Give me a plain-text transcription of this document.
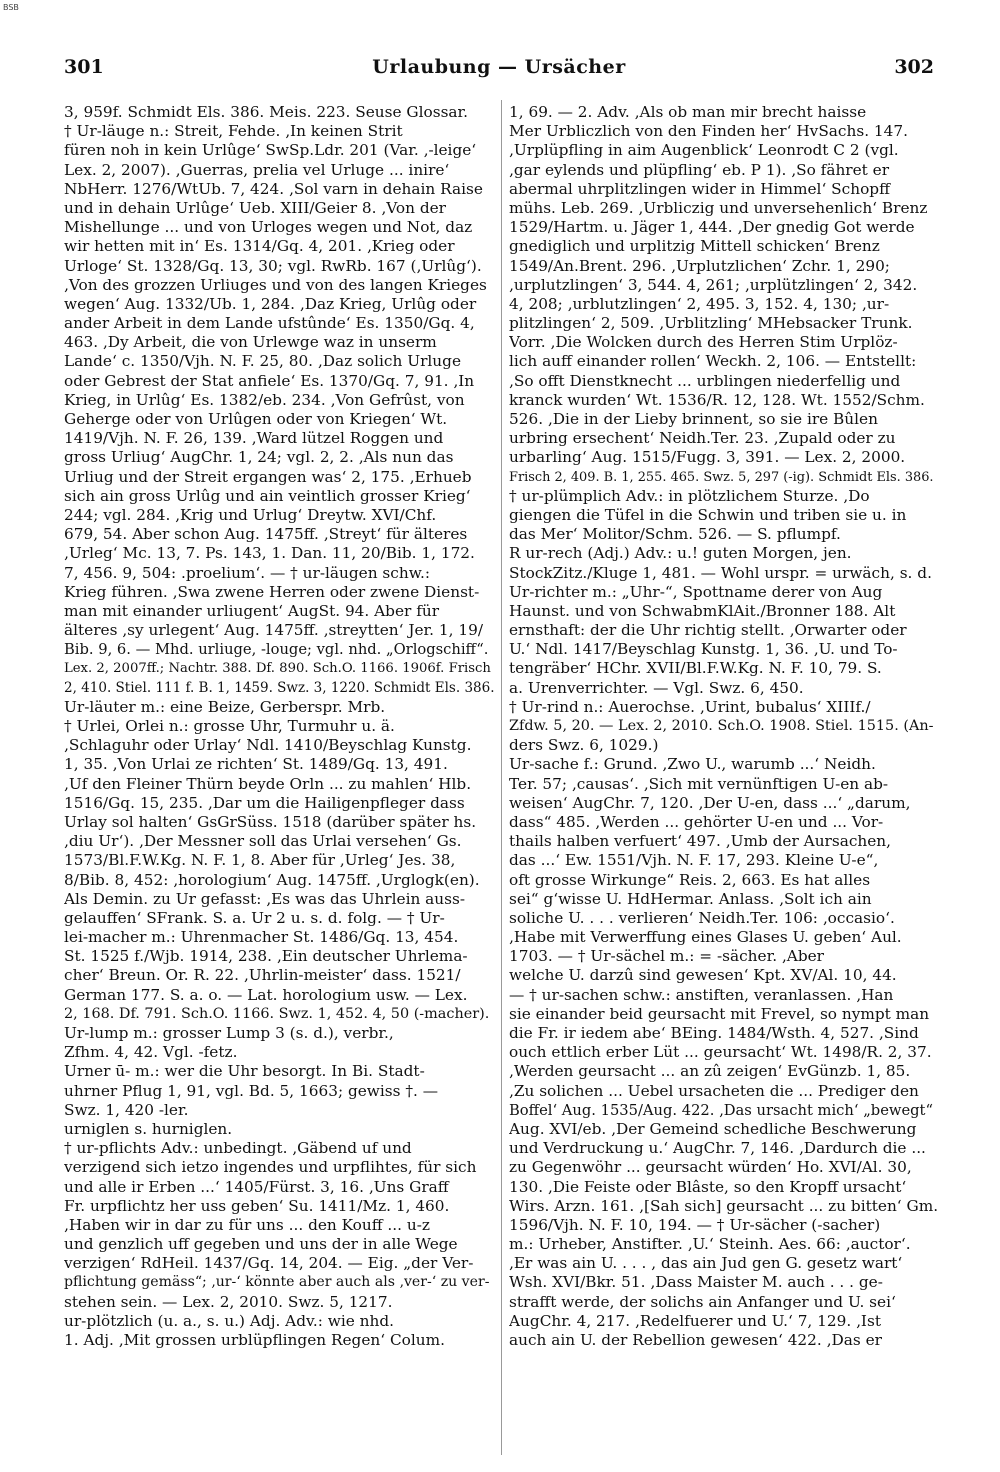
BSB
301	Urlaubung — Ursächer	302
3, 959f. Schmidt Els. 386. Meis. 223. Seuse Glossar.
† Ur-läuge n.: Streit, Fehde. ‚In keinen Strit
füren noh in kein Urlûge‘ SwSp.Ldr. 201 (Var. ‚-leige‘
Lex. 2, 2007). ‚Guerras, prelia vel Urluge ... inire‘
NbHerr. 1276/WtUb. 7, 424. ‚Sol varn in dehain Raise
und in dehain Urlûge‘ Ueb. XIII/Geier 8. ‚Von der
Mishellunge ... und von Urloges wegen und Not, daz
wir hetten mit in‘ Es. 1314/Gq. 4, 201. ‚Krieg oder
Urloge‘ St. 1328/Gq. 13, 30; vgl. RwRb. 167 (‚Urlûg‘).
‚Von des grozzen Urliuges und von des langen Krieges
wegen‘ Aug. 1332/Ub. 1, 284. ‚Daz Krieg, Urlûg oder
ander Arbeit in dem Lande ufstûnde‘ Es. 1350/Gq. 4,
463. ‚Dy Arbeit, die von Urlewge waz in unserm
Lande‘ c. 1350/Vjh. N. F. 25, 80. ‚Daz solich Urluge
oder Gebrest der Stat anfiele‘ Es. 1370/Gq. 7, 91. ‚In
Krieg, in Urlûg‘ Es. 1382/eb. 234. ‚Von Gefrûst, von
Geherge oder von Urlûgen oder von Kriegen‘ Wt.
1419/Vjh. N. F. 26, 139. ‚Ward lützel Roggen und
gross Urliug‘ AugChr. 1, 24; vgl. 2, 2. ‚Als nun das
Urliug und der Streit ergangen was‘ 2, 175. ‚Erhueb
sich ain gross Urlûg und ain veintlich grosser Krieg‘
244; vgl. 284. ‚Krig und Urlug‘ Dreytw. XVI/Chf.
679, 54. Aber schon Aug. 1475ff. ‚Streyt‘ für älteres
‚Urleg‘ Mc. 13, 7. Ps. 143, 1. Dan. 11, 20/Bib. 1, 172.
7, 456. 9, 504: .proelium‘. — † ur-läugen schw.:
Krieg führen. ‚Swa zwene Herren oder zwene Dienst-
man mit einander urliugent‘ AugSt. 94. Aber für
älteres ‚sy urlegent‘ Aug. 1475ff. ‚streytten‘ Jer. 1, 19/
Bib. 9, 6. — Mhd. urliuge, -louge; vgl. nhd. „Orlogschiff“.
Lex. 2, 2007ff.; Nachtr. 388. Df. 890. Sch.O. 1166. 1906f. Frisch
2, 410. Stiel. 111 f. B. 1, 1459. Swz. 3, 1220. Schmidt Els. 386.
Ur-läuter m.: eine Beize, Gerberspr. Mrb.
† Urlei, Orlei n.: grosse Uhr, Turmuhr u. ä.
‚Schlaguhr oder Urlay‘ Ndl. 1410/Beyschlag Kunstg.
1, 35. ‚Von Urlai ze richten‘ St. 1489/Gq. 13, 491.
‚Uf den Fleiner Thürn beyde Orln ... zu mahlen‘ Hlb.
1516/Gq. 15, 235. ‚Dar um die Hailigenpfleger dass
Urlay sol halten‘ GsGrSüss. 1518 (darüber später hs.
‚diu Ur‘). ‚Der Messner soll das Urlai versehen‘ Gs.
1573/Bl.F.W.Kg. N. F. 1, 8. Aber für ‚Urleg‘ Jes. 38,
8/Bib. 8, 452: ‚horologium‘ Aug. 1475ff. ‚Urglogk(en).
Als Demin. zu Ur gefasst: ‚Es was das Uhrlein auss-
gelauffen‘ SFrank. S. a. Ur 2 u. s. d. folg. — † Ur-
lei-macher m.: Uhrenmacher St. 1486/Gq. 13, 454.
St. 1525 f./Wjb. 1914, 238. ‚Ein deutscher Uhrlema-
cher‘ Breun. Or. R. 22. ‚Uhrlin-meister‘ dass. 1521/
German 177. S. a. o. — Lat. horologium usw. — Lex.
2, 168. Df. 791. Sch.O. 1166. Swz. 1, 452. 4, 50 (-macher).
Ur-lump m.: grosser Lump 3 (s. d.), verbr.,
Zfhm. 4, 42. Vgl. -fetz.
Urner ū- m.: wer die Uhr besorgt. In Bi. Stadt-
uhrner Pflug 1, 91, vgl. Bd. 5, 1663; gewiss †. —
Swz. 1, 420 -ler.
urniglen s. hurniglen.
† ur-pflichts Adv.: unbedingt. ‚Gäbend uf und
verzigend sich ietzo ingendes und urpflihtes, für sich
und alle ir Erben ...‘ 1405/Fürst. 3, 16. ‚Uns Graff
Fr. urpflichtz her uss geben‘ Su. 1411/Mz. 1, 460.
‚Haben wir in dar zu für uns ... den Kouff ... u-z
und genzlich uff gegeben und uns der in alle Wege
verzigen‘ RdHeil. 1437/Gq. 14, 204. — Eig. „der Ver-
pflichtung gemäss“; ‚ur-‘ könnte aber auch als ‚ver-‘ zu ver-
stehen sein. — Lex. 2, 2010. Swz. 5, 1217.
ur-plötzlich (u. a., s. u.) Adj. Adv.: wie nhd.
1. Adj. ‚Mit grossen urblüpflingen Regen‘ Colum.
1, 69. — 2. Adv. ‚Als ob man mir brecht haisse
Mer Urbliczlich von den Finden her‘ HvSachs. 147.
‚Urplüpfling in aim Augenblick‘ Leonrodt C 2 (vgl.
‚gar eylends und plüpfling‘ eb. P 1). ‚So fähret er
abermal uhrplitzlingen wider in Himmel‘ Schopff
mühs. Leb. 269. ‚Urbliczig und unversehenlich‘ Brenz
1529/Hartm. u. Jäger 1, 444. ‚Der gnedig Got werde
gnediglich und urplitzig Mittell schicken‘ Brenz
1549/An.Brent. 296. ‚Urplutzlichen‘ Zchr. 1, 290;
‚urplutzlingen‘ 3, 544. 4, 261; ‚urplützlingen‘ 2, 342.
4, 208; ‚urblutzlingen‘ 2, 495. 3, 152. 4, 130; ‚ur-
plitzlingen‘ 2, 509. ‚Urblitzling‘ MHebsacker Trunk.
Vorr. ‚Die Wolcken durch des Herren Stim Urplöz-
lich auff einander rollen‘ Weckh. 2, 106. — Entstellt:
‚So offt Dienstknecht ... urblingen niederfellig und
kranck wurden‘ Wt. 1536/R. 12, 128. Wt. 1552/Schm.
526. ‚Die in der Lieby brinnent, so sie ire Bûlen
urbring ersechent‘ Neidh.Ter. 23. ‚Zupald oder zu
urbarling‘ Aug. 1515/Fugg. 3, 391. — Lex. 2, 2000.
Frisch 2, 409. B. 1, 255. 465. Swz. 5, 297 (-ig). Schmidt Els. 386.
† ur-plümplich Adv.: in plötzlichem Sturze. ‚Do
giengen die Tüfel in die Schwin und triben sie u. in
das Mer‘ Molitor/Schm. 526. — S. pflumpf.
R ur-rech (Adj.) Adv.: u.! guten Morgen, jen.
StockZitz./Kluge 1, 481. — Wohl urspr. = urwäch, s. d.
Ur-richter m.: „Uhr-“, Spottname derer von Aug
Haunst. und von SchwabmKlAit./Bronner 188. Alt
ernsthaft: der die Uhr richtig stellt. ‚Orwarter oder
U.‘ Ndl. 1417/Beyschlag Kunstg. 1, 36. ‚U. und To-
tengräber‘ HChr. XVII/Bl.F.W.Kg. N. F. 10, 79. S.
a. Urenverrichter. — Vgl. Swz. 6, 450.
† Ur-rind n.: Auerochse. ‚Urint, bubalus‘ XIIIf./
Zfdw. 5, 20. — Lex. 2, 2010. Sch.O. 1908. Stiel. 1515. (An-
ders Swz. 6, 1029.)
Ur-sache f.: Grund. ‚Zwo U., warumb ...‘ Neidh.
Ter. 57; ‚causas‘. ‚Sich mit vernünftigen U-en ab-
weisen‘ AugChr. 7, 120. ‚Der U-en, dass ...‘ „darum,
dass“ 485. ‚Werden ... gehörter U-en und ... Vor-
thails halben verfuert‘ 497. ‚Umb der Aursachen,
das ...‘ Ew. 1551/Vjh. N. F. 17, 293. Kleine U-e“,
oft grosse Wirkunge“ Reis. 2, 663. Es hat alles
sei“ g‘wisse U. HdHermar. Anlass. ‚Solt ich ain
soliche U. . . . verlieren‘ Neidh.Ter. 106: ‚occasio‘.
‚Habe mit Verwerffung eines Glases U. geben‘ Aul.
1703. — † Ur-sächel m.: = -sächer. ‚Aber
welche U. darzû sind gewesen‘ Kpt. XV/Al. 10, 44.
— † ur-sachen schw.: anstiften, veranlassen. ‚Han
sie einander beid geursacht mit Frevel, so nympt man
die Fr. ir iedem abe‘ BEing. 1484/Wsth. 4, 527. ‚Sind
ouch ettlich erber Lüt ... geursacht‘ Wt. 1498/R. 2, 37.
‚Werden geursacht ... an zû zeigen‘ EvGünzb. 1, 85.
‚Zu solichen ... Uebel ursacheten die ... Prediger den
Boffel‘ Aug. 1535/Aug. 422. ‚Das ursacht mich‘ „bewegt“
Aug. XVI/eb. ‚Der Gemeind schedliche Beschwerung
und Verdruckung u.‘ AugChr. 7, 146. ‚Dardurch die ...
zu Gegenwöhr ... geursacht würden‘ Ho. XVI/Al. 30,
130. ‚Die Feiste oder Blâste, so den Kropff ursacht‘
Wirs. Arzn. 161. ‚[Sah sich] geursacht ... zu bitten‘ Gm.
1596/Vjh. N. F. 10, 194. — † Ur-sächer (-sacher)
m.: Urheber, Anstifter. ‚U.‘ Steinh. Aes. 66: ‚auctor‘.
‚Er was ain U. . . . , das ain Jud gen G. gesetz wart‘
Wsh. XVI/Bkr. 51. ‚Dass Maister M. auch . . . ge-
strafft werde, der solichs ain Anfanger und U. sei‘
AugChr. 4, 217. ‚Redelfuerer und U.‘ 7, 129. ‚Ist
auch ain U. der Rebellion gewesen‘ 422. ‚Das er
